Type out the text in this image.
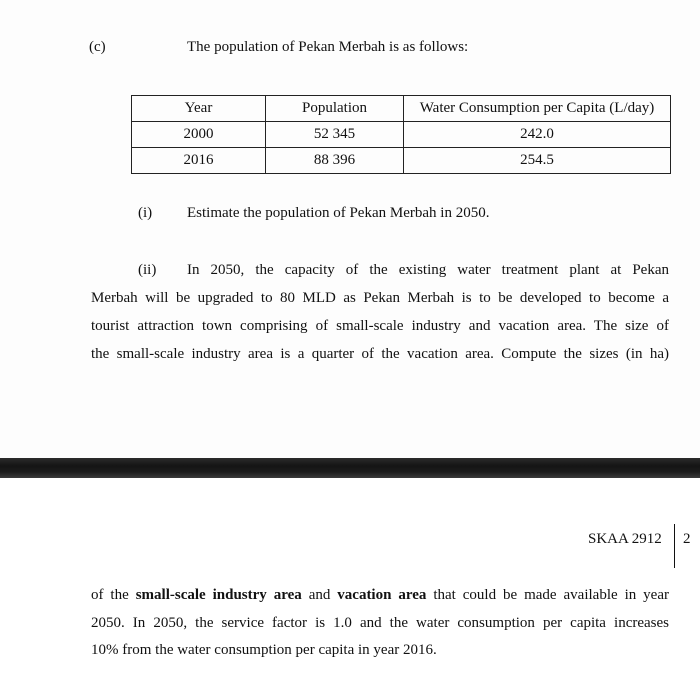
(c)	The population of Pekan Merbah is as follows:
Year	Population	Water Consumption per Capita (L/day)
2000	52 345	242.0
2016	88 396	254.5
(i) Estimate the population of Pekan Merbah in 2050.
(ii) In 2050, the capacity of the existing water treatment plant at Pekan
Merbah will be upgraded to 80 MLD as Pekan Merbah is to be developed to become a
tourist attraction town comprising of small-scale industry and vacation area. The size of
the small-scale industry area is a quarter of the vacation area. Compute the sizes (in ha)
SKAA 2912 2
of the small-scale industry area and vacation area that could be made available in year
2050. In 2050, the service factor is 1.0 and the water consumption per capita increases
10% from the water consumption per capita in year 2016.
